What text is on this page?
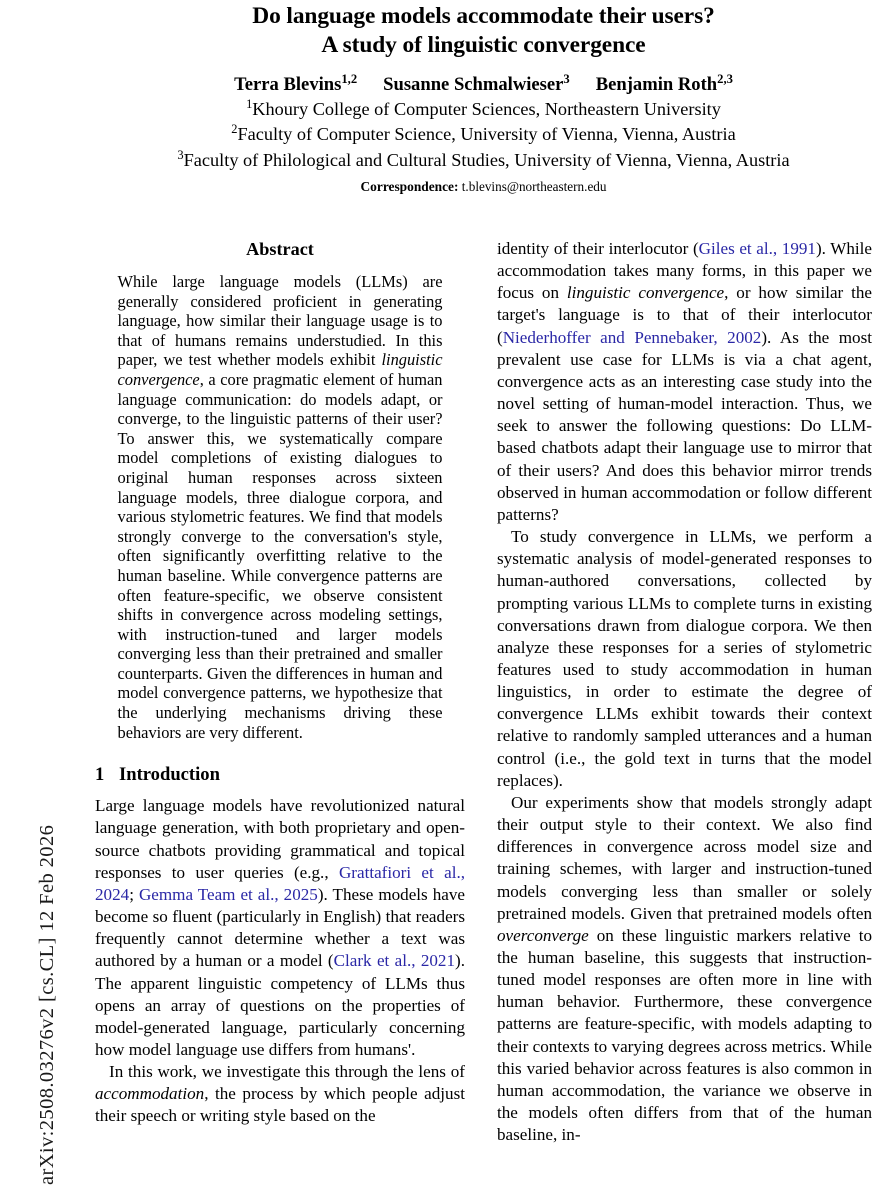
arXiv:2508.03276v2 [cs.CL] 12 Feb 2026
Do language models accommodate their users?
A study of linguistic convergence
Terra Blevins$^{1,2}$ Susanne Schmalwieser$^3$ Benjamin Roth$^{2,3}$
$^1$Khoury College of Computer Sciences, Northeastern University
$^2$Faculty of Computer Science, University of Vienna, Vienna, Austria
$^3$Faculty of Philological and Cultural Studies, University of Vienna, Vienna, Austria
Correspondence: t.blevins@northeastern.edu
Abstract
While large language models (LLMs) are generally considered proficient in generating language, how similar their language usage is to that of humans remains understudied. In this paper, we test whether models exhibit linguistic convergence, a core pragmatic element of human language communication: do models adapt, or converge, to the linguistic patterns of their user? To answer this, we systematically compare model completions of existing dialogues to original human responses across sixteen language models, three dialogue corpora, and various stylometric features. We find that models strongly converge to the conversation's style, often significantly overfitting relative to the human baseline. While convergence patterns are often feature-specific, we observe consistent shifts in convergence across modeling settings, with instruction-tuned and larger models converging less than their pretrained and smaller counterparts. Given the differences in human and model convergence patterns, we hypothesize that the underlying mechanisms driving these behaviors are very different.
1 Introduction

Large language models have revolutionized natural language generation, with both proprietary and open-source chatbots providing grammatical and topical responses to user queries (e.g., Grattafiori et al., 2024; Gemma Team et al., 2025). These models have become so fluent (particularly in English) that readers frequently cannot determine whether a text was authored by a human or a model (Clark et al., 2021). The apparent linguistic competency of LLMs thus opens an array of questions on the properties of model-generated language, particularly concerning how model language use differs from humans'.

In this work, we investigate this through the lens of accommodation, the process by which people adjust their speech or writing style based on the

identity of their interlocutor (Giles et al., 1991). While accommodation takes many forms, in this paper we focus on linguistic convergence, or how similar the target's language is to that of their interlocutor (Niederhoffer and Pennebaker, 2002). As the most prevalent use case for LLMs is via a chat agent, convergence acts as an interesting case study into the novel setting of human-model interaction. Thus, we seek to answer the following questions: Do LLM-based chatbots adapt their language use to mirror that of their users? And does this behavior mirror trends observed in human accommodation or follow different patterns?

To study convergence in LLMs, we perform a systematic analysis of model-generated responses to human-authored conversations, collected by prompting various LLMs to complete turns in existing conversations drawn from dialogue corpora. We then analyze these responses for a series of stylometric features used to study accommodation in human linguistics, in order to estimate the degree of convergence LLMs exhibit towards their context relative to randomly sampled utterances and a human control (i.e., the gold text in turns that the model replaces).

Our experiments show that models strongly adapt their output style to their context. We also find differences in convergence across model size and training schemes, with larger and instruction-tuned models converging less than smaller or solely pretrained models. Given that pretrained models often overconverge on these linguistic markers relative to the human baseline, this suggests that instruction-tuned model responses are often more in line with human behavior. Furthermore, these convergence patterns are feature-specific, with models adapting to their contexts to varying degrees across metrics. While this varied behavior across features is also common in human accommodation, the variance we observe in the models often differs from that of the human baseline, in-
